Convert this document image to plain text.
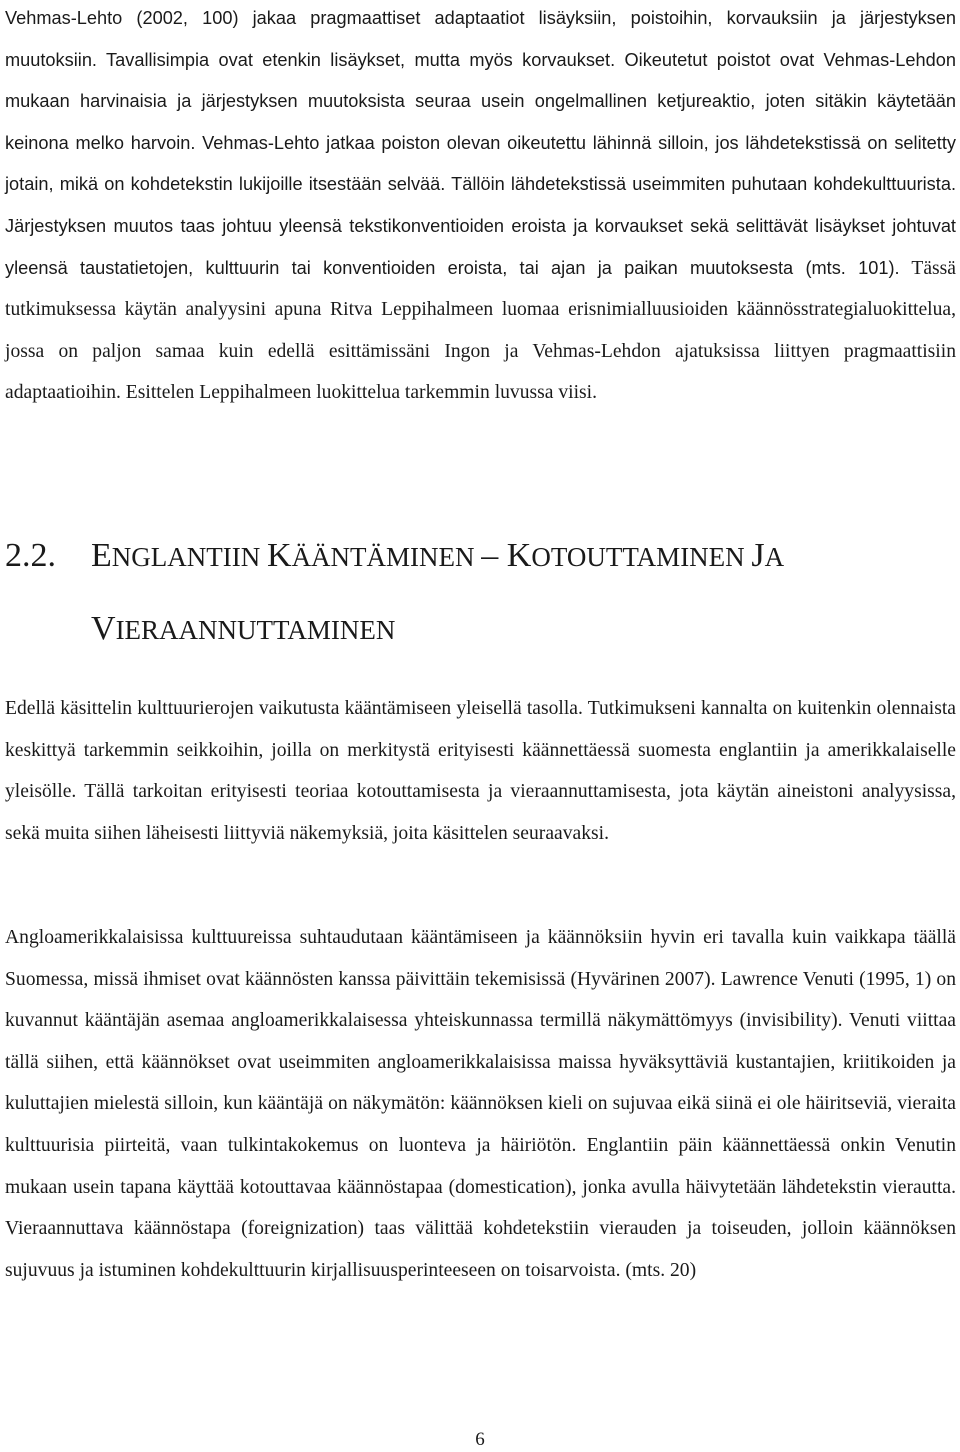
Vehmas-Lehto (2002, 100) jakaa pragmaattiset adaptaatiot lisäyksiin, poistoihin, korvauksiin ja järjestyksen muutoksiin. Tavallisimpia ovat etenkin lisäykset, mutta myös korvaukset. Oikeutetut poistot ovat Vehmas-Lehdon mukaan harvinaisia ja järjestyksen muutoksista seuraa usein ongelmallinen ketjureaktio, joten sitäkin käytetään keinona melko harvoin. Vehmas-Lehto jatkaa poiston olevan oikeutettu lähinnä silloin, jos lähdetekstissä on selitetty jotain, mikä on kohdetekstin lukijoille itsestään selvää. Tällöin lähdetekstissä useimmiten puhutaan kohdekulttuurista. Järjestyksen muutos taas johtuu yleensä tekstikonventioiden eroista ja korvaukset sekä selittävät lisäykset johtuvat yleensä taustatietojen, kulttuurin tai konventioiden eroista, tai ajan ja paikan muutoksesta (mts. 101). Tässä tutkimuksessa käytän analyysini apuna Ritva Leppihalmeen luomaa erisnimialluusioiden käännösstrategialuokittelua, jossa on paljon samaa kuin edellä esittämissäni Ingon ja Vehmas-Lehdon ajatuksissa liittyen pragmaattisiin adaptaatioihin. Esittelen Leppihalmeen luokittelua tarkemmin luvussa viisi.

2.2. ENGLANTIIN KÄÄNTÄMINEN – KOTOUTTAMINEN JA
VIERAANNUTTAMINEN

Edellä käsittelin kulttuurierojen vaikutusta kääntämiseen yleisellä tasolla. Tutkimukseni kannalta on kuitenkin olennaista keskittyä tarkemmin seikkoihin, joilla on merkitystä erityisesti käännettäessä suomesta englantiin ja amerikkalaiselle yleisölle. Tällä tarkoitan erityisesti teoriaa kotouttamisesta ja vieraannuttamisesta, jota käytän aineistoni analyysissa, sekä muita siihen läheisesti liittyviä näkemyksiä, joita käsittelen seuraavaksi.

Angloamerikkalaisissa kulttuureissa suhtaudutaan kääntämiseen ja käännöksiin hyvin eri tavalla kuin vaikkapa täällä Suomessa, missä ihmiset ovat käännösten kanssa päivittäin tekemisissä (Hyvärinen 2007). Lawrence Venuti (1995, 1) on kuvannut kääntäjän asemaa angloamerikkalaisessa yhteiskunnassa termillä näkymättömyys (invisibility). Venuti viittaa tällä siihen, että käännökset ovat useimmiten angloamerikkalaisissa maissa hyväksyttäviä kustantajien, kriitikoiden ja kuluttajien mielestä silloin, kun kääntäjä on näkymätön: käännöksen kieli on sujuvaa eikä siinä ei ole häiritseviä, vieraita kulttuurisia piirteitä, vaan tulkintakokemus on luonteva ja häiriötön. Englantiin päin käännettäessä onkin Venutin mukaan usein tapana käyttää kotouttavaa käännöstapaa (domestication), jonka avulla häivytetään lähdetekstin vierautta. Vieraannuttava käännöstapa (foreignization) taas välittää kohdetekstiin vierauden ja toiseuden, jolloin käännöksen sujuvuus ja istuminen kohdekulttuurin kirjallisuusperinteeseen on toisarvoista. (mts. 20)

6
